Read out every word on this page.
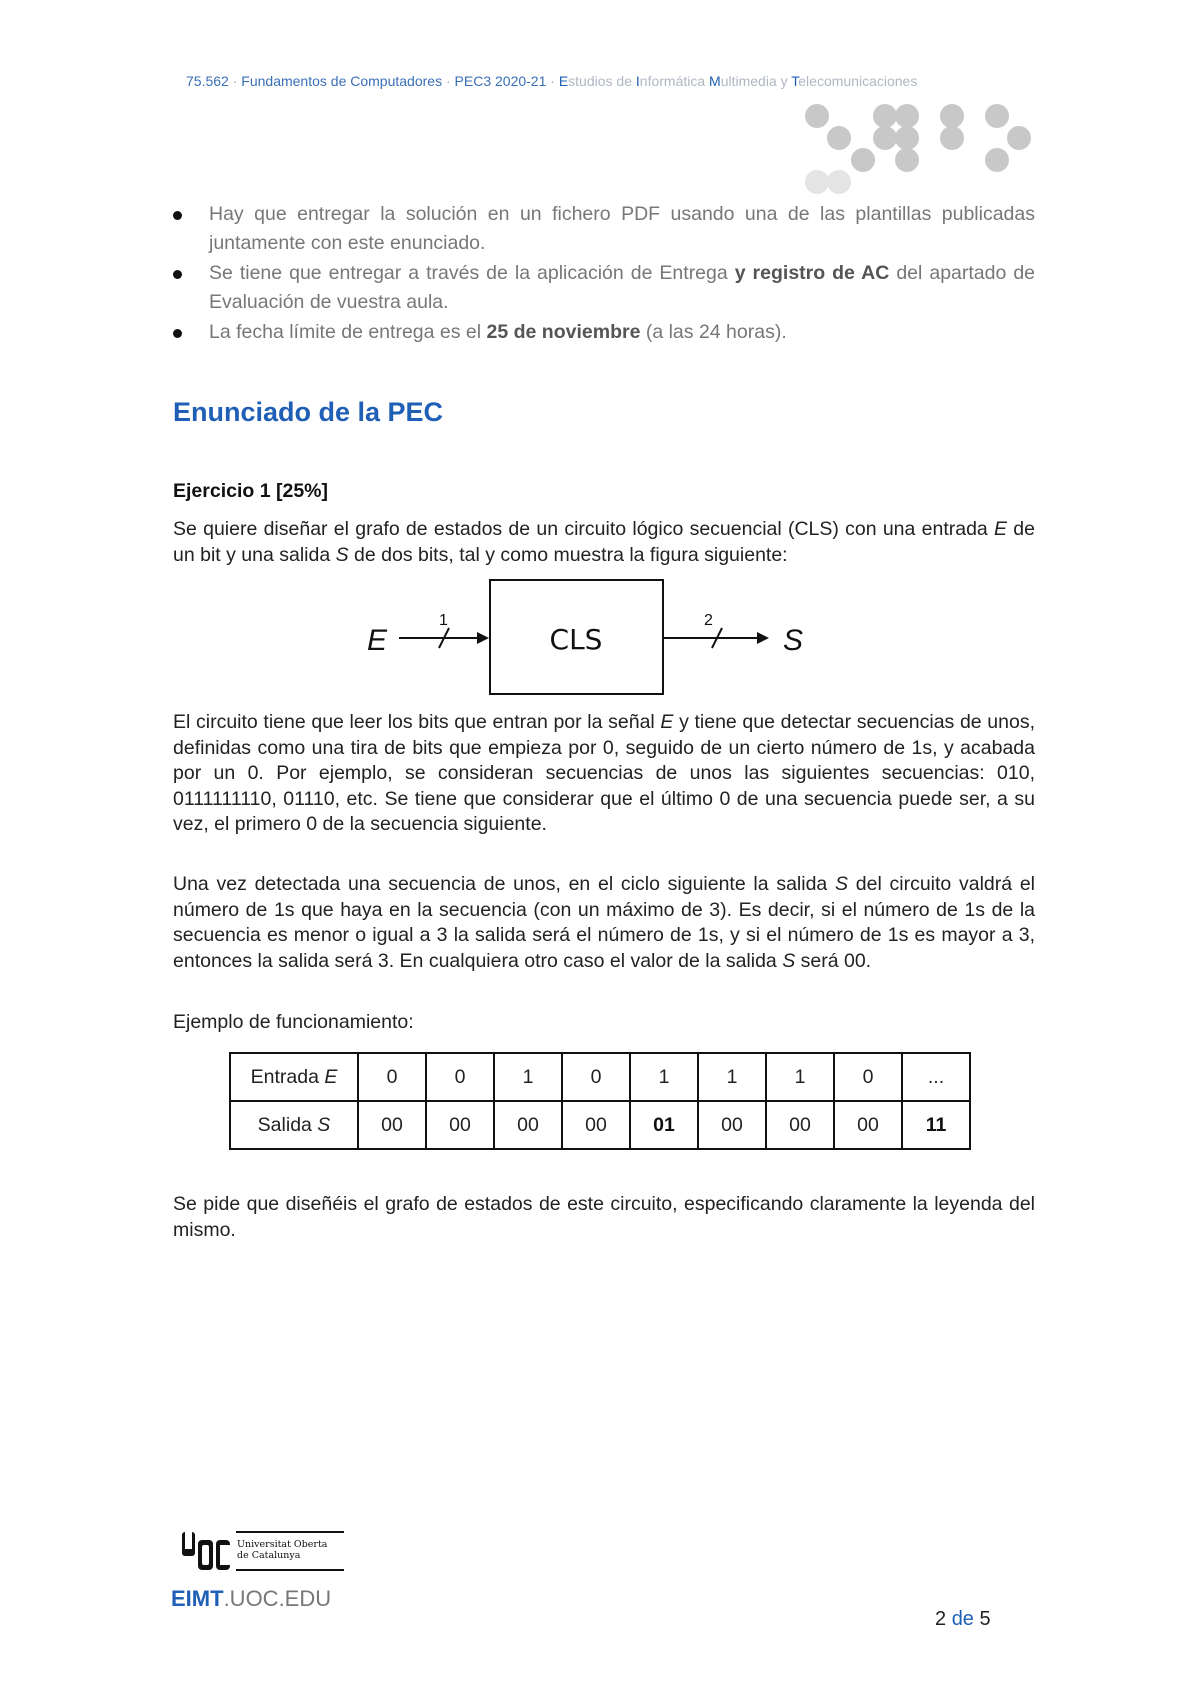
75.562 · Fundamentos de Computadores · PEC3 2020-21 · Estudios de Informática Multimedia y Telecomunicaciones
Hay que entregar la solución en un fichero PDF usando una de las plantillas publicadas juntamente con este enunciado.
Se tiene que entregar a través de la aplicación de Entrega y registro de AC del apartado de Evaluación de vuestra aula.
La fecha límite de entrega es el 25 de noviembre (a las 24 horas).
Enunciado de la PEC
Ejercicio 1 [25%]
Se quiere diseñar el grafo de estados de un circuito lógico secuencial (CLS) con una entrada E de un bit y una salida S de dos bits, tal y como muestra la figura siguiente:
E
1
CLS
2
S
El circuito tiene que leer los bits que entran por la señal E y tiene que detectar secuencias de unos, definidas como una tira de bits que empieza por 0, seguido de un cierto número de 1s, y acabada por un 0. Por ejemplo, se consideran secuencias de unos las siguientes secuencias: 010, 0111111110, 01110, etc. Se tiene que considerar que el último 0 de una secuencia puede ser, a su vez, el primero 0 de la secuencia siguiente.
Una vez detectada una secuencia de unos, en el ciclo siguiente la salida S del circuito valdrá el número de 1s que haya en la secuencia (con un máximo de 3). Es decir, si el número de 1s de la secuencia es menor o igual a 3 la salida será el número de 1s, y si el número de 1s es mayor a 3, entonces la salida será 3. En cualquiera otro caso el valor de la salida S será 00.
Ejemplo de funcionamiento:
Entrada E	0	0	1	0	1	1	1	0	...
Salida S	00	00	00	00	01	00	00	00	11
Se pide que diseñéis el grafo de estados de este circuito, especificando claramente la leyenda del mismo.
Universitat Oberta
de Catalunya
EIMT.UOC.EDU
2 de 5
